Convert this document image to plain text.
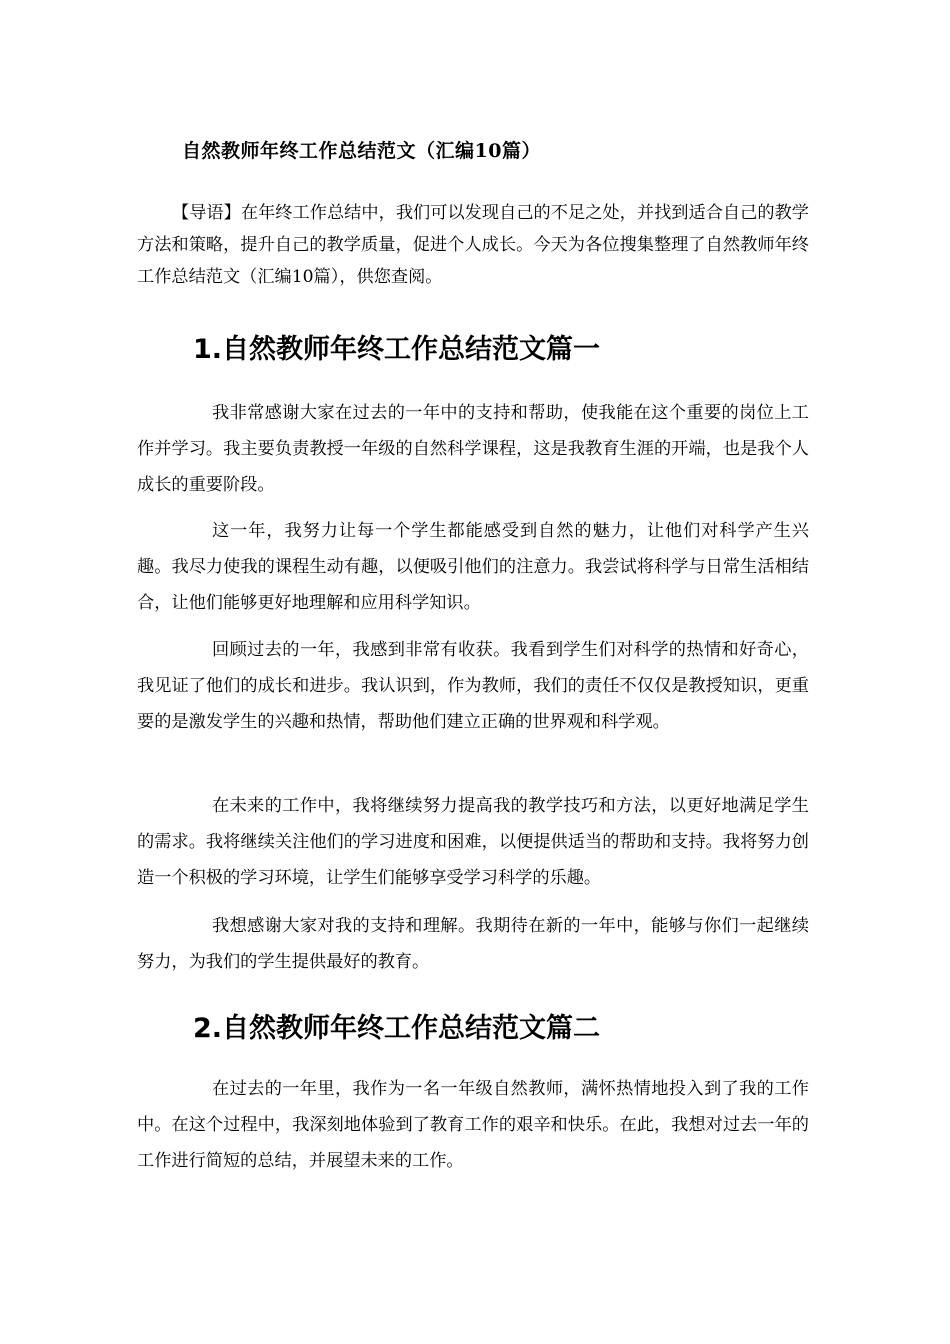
自然教师年终工作总结范文（汇编10篇）

【导语】在年终工作总结中，我们可以发现自己的不足之处，并找到适合自己的教学方法和策略，提升自己的教学质量，促进个人成长。今天为各位搜集整理了自然教师年终工作总结范文（汇编10篇），供您查阅。

1.自然教师年终工作总结范文篇一

我非常感谢大家在过去的一年中的支持和帮助，使我能在这个重要的岗位上工作并学习。我主要负责教授一年级的自然科学课程，这是我教育生涯的开端，也是我个人成长的重要阶段。

这一年，我努力让每一个学生都能感受到自然的魅力，让他们对科学产生兴趣。我尽力使我的课程生动有趣，以便吸引他们的注意力。我尝试将科学与日常生活相结合，让他们能够更好地理解和应用科学知识。

回顾过去的一年，我感到非常有收获。我看到学生们对科学的热情和好奇心，我见证了他们的成长和进步。我认识到，作为教师，我们的责任不仅仅是教授知识，更重要的是激发学生的兴趣和热情，帮助他们建立正确的世界观和科学观。

在未来的工作中，我将继续努力提高我的教学技巧和方法，以更好地满足学生的需求。我将继续关注他们的学习进度和困难，以便提供适当的帮助和支持。我将努力创造一个积极的学习环境，让学生们能够享受学习科学的乐趣。

我想感谢大家对我的支持和理解。我期待在新的一年中，能够与你们一起继续努力，为我们的学生提供最好的教育。

2.自然教师年终工作总结范文篇二

在过去的一年里，我作为一名一年级自然教师，满怀热情地投入到了我的工作中。在这个过程中，我深刻地体验到了教育工作的艰辛和快乐。在此，我想对过去一年的工作进行简短的总结，并展望未来的工作。
